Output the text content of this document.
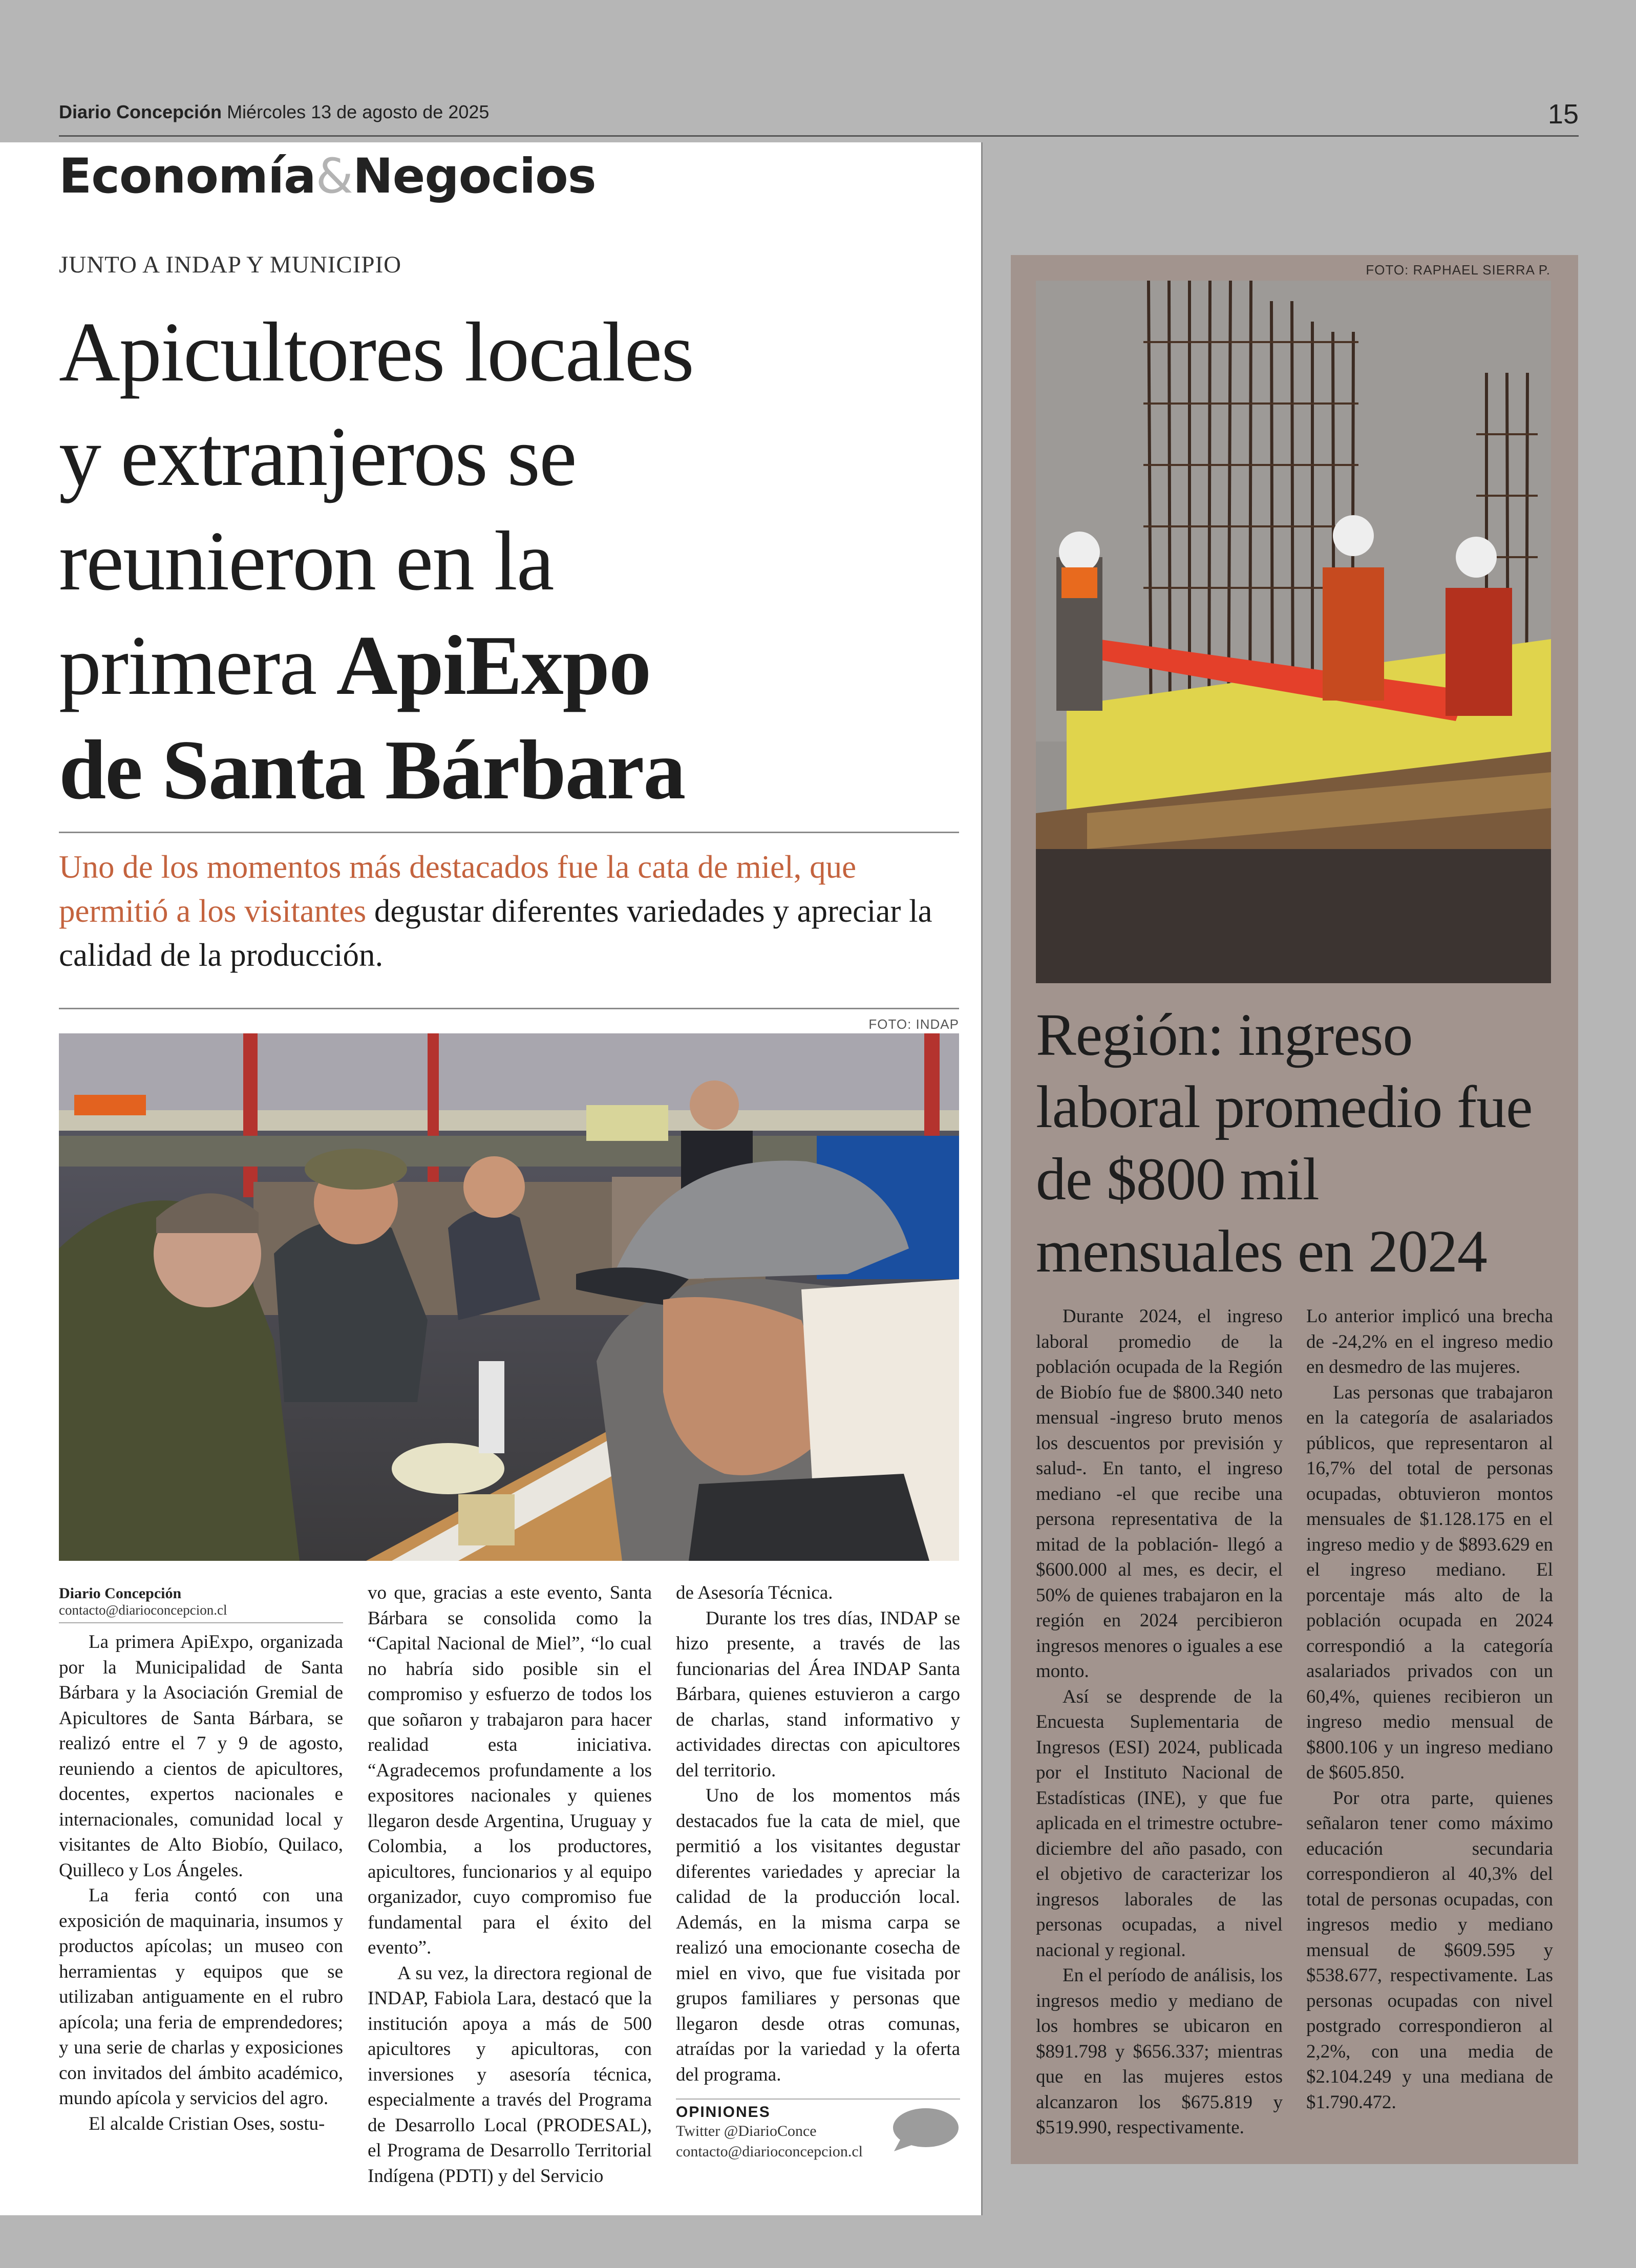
Diario Concepción Miércoles 13 de agosto de 2025	15
Economía&Negocios
JUNTO A INDAP Y MUNICIPIO
Apicultores locales
y extranjeros se
reunieron en la
primera ApiExpo
de Santa Bárbara
Uno de los momentos más destacados fue la cata de miel, que permitió a los visitantes degustar diferentes variedades y apreciar la calidad de la producción.
FOTO: INDAP
Diario Concepción
contacto@diarioconcepcion.cl

La primera ApiExpo, organizada por la Municipalidad de Santa Bárbara y la Asociación Gremial de Apicultores de Santa Bárbara, se realizó entre el 7 y 9 de agosto, reuniendo a cientos de apicultores, docentes, expertos nacionales e internacionales, comunidad local y visitantes de Alto Biobío, Quilaco, Quilleco y Los Ángeles.

La feria contó con una exposición de maquinaria, insumos y productos apícolas; un museo con herramientas y equipos que se utilizaban antiguamente en el rubro apícola; una feria de emprendedores; y una serie de charlas y exposiciones con invitados del ámbito académico, mundo apícola y servicios del agro.

El alcalde Cristian Oses, sostu-

vo que, gracias a este evento, Santa Bárbara se consolida como la “Capital Nacional de Miel”, “lo cual no habría sido posible sin el compromiso y esfuerzo de todos los que soñaron y trabajaron para hacer realidad esta iniciativa. “Agradecemos profundamente a los expositores nacionales y quienes llegaron desde Argentina, Uruguay y Colombia, a los productores, apicultores, funcionarios y al equipo organizador, cuyo compromiso fue fundamental para el éxito del evento”.

A su vez, la directora regional de INDAP, Fabiola Lara, destacó que la institución apoya a más de 500 apicultores y apicultoras, con inversiones y asesoría técnica, especialmente a través del Programa de Desarrollo Local (PRODESAL), el Programa de Desarrollo Territorial Indígena (PDTI) y del Servicio

de Asesoría Técnica.

Durante los tres días, INDAP se hizo presente, a través de las funcionarias del Área INDAP Santa Bárbara, quienes estuvieron a cargo de charlas, stand informativo y actividades directas con apicultores del territorio.

Uno de los momentos más destacados fue la cata de miel, que permitió a los visitantes degustar diferentes variedades y apreciar la calidad de la producción local. Además, en la misma carpa se realizó una emocionante cosecha de miel en vivo, que fue visitada por grupos familiares y personas que llegaron desde otras comunas, atraídas por la variedad y la oferta del programa.

OPINIONES
Twitter @DiarioConce
contacto@diarioconcepcion.cl
FOTO: RAPHAEL SIERRA P.
Región: ingreso laboral promedio fue de $800 mil mensuales en 2024

Durante 2024, el ingreso laboral promedio de la población ocupada de la Región de Biobío fue de $800.340 neto mensual -ingreso bruto menos los descuentos por previsión y salud-. En tanto, el ingreso mediano -el que recibe una persona representativa de la mitad de la población- llegó a $600.000 al mes, es decir, el 50% de quienes trabajaron en la región en 2024 percibieron ingresos menores o iguales a ese monto.

Así se desprende de la Encuesta Suplementaria de Ingresos (ESI) 2024, publicada por el Instituto Nacional de Estadísticas (INE), y que fue aplicada en el trimestre octubre-diciembre del año pasado, con el objetivo de caracterizar los ingresos laborales de las personas ocupadas, a nivel nacional y regional.

En el período de análisis, los ingresos medio y mediano de los hombres se ubicaron en $891.798 y $656.337; mientras que en las mujeres estos alcanzaron los $675.819 y $519.990, respectivamente.

Lo anterior implicó una brecha de -24,2% en el ingreso medio en desmedro de las mujeres.

Las personas que trabajaron en la categoría de asalariados públicos, que representaron al 16,7% del total de personas ocupadas, obtuvieron montos mensuales de $1.128.175 en el ingreso medio y de $893.629 en el ingreso mediano. El porcentaje más alto de la población ocupada en 2024 correspondió a la categoría asalariados privados con un 60,4%, quienes recibieron un ingreso medio mensual de $800.106 y un ingreso mediano de $605.850.

Por otra parte, quienes señalaron tener como máximo educación secundaria correspondieron al 40,3% del total de personas ocupadas, con ingresos medio y mediano mensual de $609.595 y $538.677, respectivamente. Las personas ocupadas con nivel postgrado correspondieron al 2,2%, con una media de $2.104.249 y una mediana de $1.790.472.
